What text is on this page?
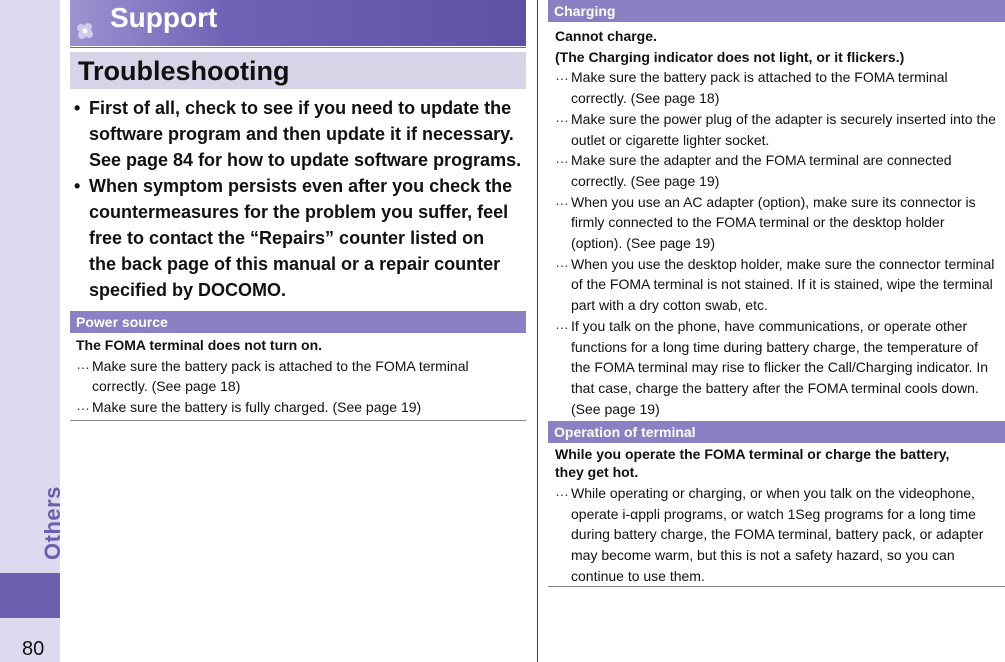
Others
80
Support
Troubleshooting

• First of all, check to see if you need to update the software program and then update it if necessary. See page 84 for how to update software programs.

• When symptom persists even after you check the countermeasures for the problem you suffer, feel free to contact the “Repairs” counter listed on the back page of this manual or a repair counter specified by DOCOMO.

Power source

The FOMA terminal does not turn on.

… Make sure the battery pack is attached to the FOMA terminal correctly. (See page 18)

… Make sure the battery is fully charged. (See page 19)

Charging

Cannot charge.

(The Charging indicator does not light, or it flickers.)

… Make sure the battery pack is attached to the FOMA terminal correctly. (See page 18)

… Make sure the power plug of the adapter is securely inserted into the outlet or cigarette lighter socket.

… Make sure the adapter and the FOMA terminal are connected correctly. (See page 19)

… When you use an AC adapter (option), make sure its connector is firmly connected to the FOMA terminal or the desktop holder (option). (See page 19)

… When you use the desktop holder, make sure the connector terminal of the FOMA terminal is not stained. If it is stained, wipe the terminal part with a dry cotton swab, etc.

… If you talk on the phone, have communications, or operate other functions for a long time during battery charge, the temperature of the FOMA terminal may rise to flicker the Call/Charging indicator. In that case, charge the battery after the FOMA terminal cools down. (See page 19)

Operation of terminal

While you operate the FOMA terminal or charge the battery, they get hot.

… While operating or charging, or when you talk on the videophone, operate i-αppli programs, or watch 1Seg programs for a long time during battery charge, the FOMA terminal, battery pack, or adapter may become warm, but this is not a safety hazard, so you can continue to use them.
